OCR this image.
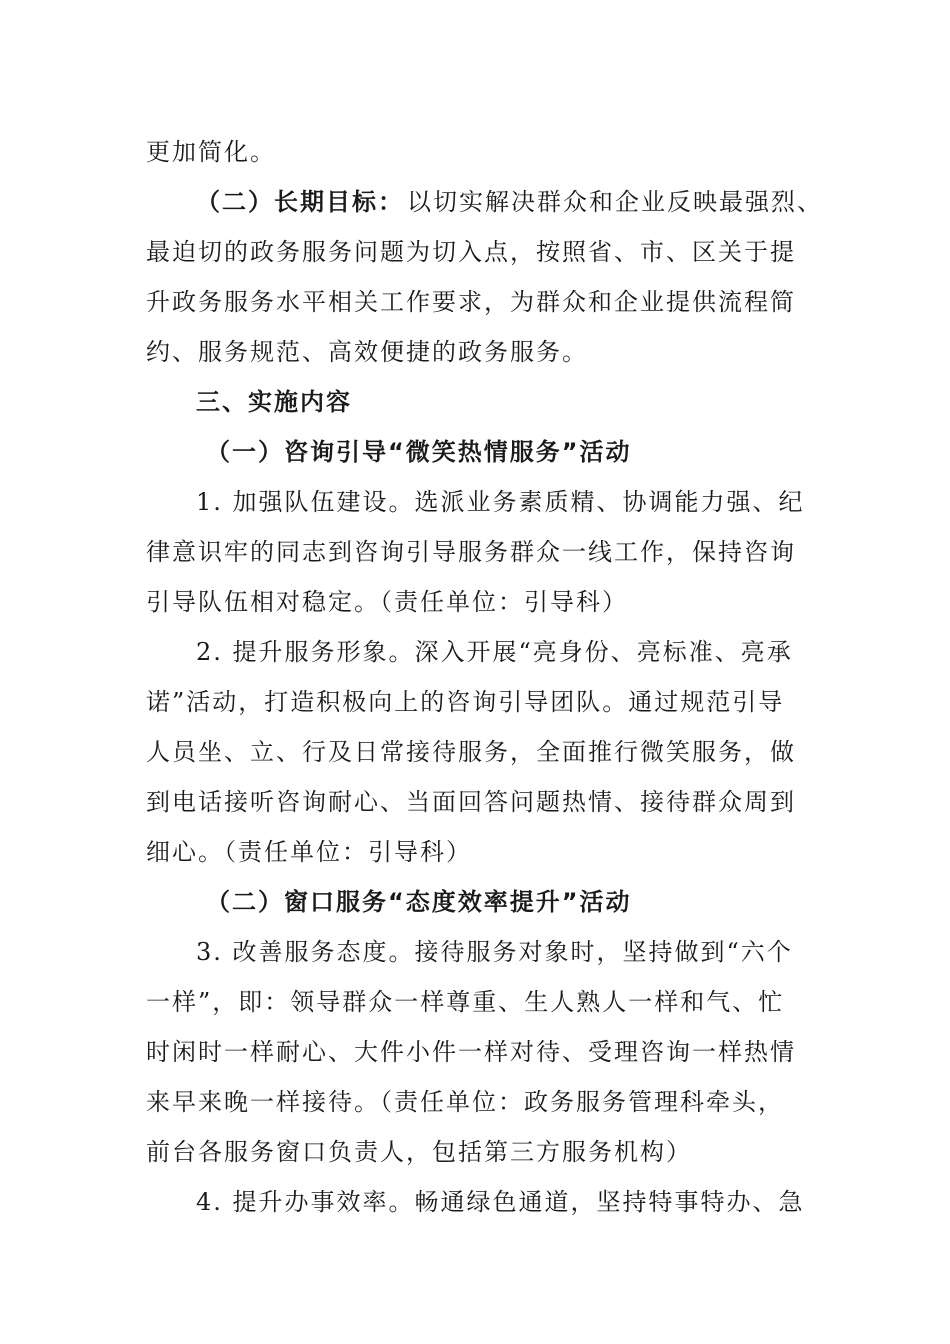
更加简化。
（二）长期目标： 以切实解决群众和企业反映最强烈、
最迫切的政务服务问题为切入点，按照省、市、区关于提
升政务服务水平相关工作要求，为群众和企业提供流程简
约、服务规范、高效便捷的政务服务。
三、实施内容
（一）咨询引导“微笑热情服务”活动
1. 加强队伍建设。选派业务素质精、协调能力强、纪
律意识牢的同志到咨询引导服务群众一线工作，保持咨询
引导队伍相对稳定。（责任单位：引导科）
2. 提升服务形象。深入开展“亮身份、亮标准、亮承
诺”活动，打造积极向上的咨询引导团队。通过规范引导
人员坐、立、行及日常接待服务，全面推行微笑服务，做
到电话接听咨询耐心、当面回答问题热情、接待群众周到
细心。（责任单位：引导科）
（二）窗口服务“态度效率提升”活动
3. 改善服务态度。接待服务对象时，坚持做到“六个
一样”，即：领导群众一样尊重、生人熟人一样和气、忙
时闲时一样耐心、大件小件一样对待、受理咨询一样热情
来早来晚一样接待。（责任单位：政务服务管理科牵头，
前台各服务窗口负责人，包括第三方服务机构）
4. 提升办事效率。畅通绿色通道，坚持特事特办、急
